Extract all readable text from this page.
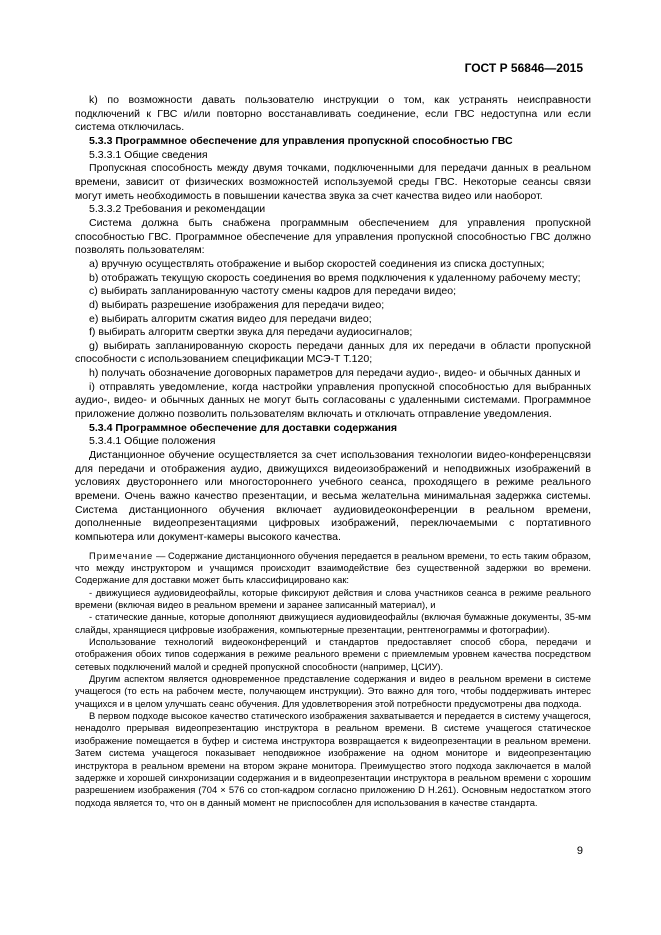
ГОСТ Р 56846—2015

k) по возможности давать пользователю инструкции о том, как устранять неисправности подключений к ГВС и/или повторно восстанавливать соединение, если ГВС недоступна или если система отключилась.

5.3.3 Программное обеспечение для управления пропускной способностью ГВС

5.3.3.1 Общие сведения

Пропускная способность между двумя точками, подключенными для передачи данных в реальном времени, зависит от физических возможностей используемой среды ГВС. Некоторые сеансы связи могут иметь необходимость в повышении качества звука за счет качества видео или наоборот.

5.3.3.2 Требования и рекомендации

Система должна быть снабжена программным обеспечением для управления пропускной способностью ГВС. Программное обеспечение для управления пропускной способностью ГВС должно позволять пользователям:

a) вручную осуществлять отображение и выбор скоростей соединения из списка доступных;

b) отображать текущую скорость соединения во время подключения к удаленному рабочему месту;

c) выбирать запланированную частоту смены кадров для передачи видео;

d) выбирать разрешение изображения для передачи видео;

e) выбирать алгоритм сжатия видео для передачи видео;

f) выбирать алгоритм свертки звука для передачи аудиосигналов;

g) выбирать запланированную скорость передачи данных для их передачи в области пропускной способности с использованием спецификации МСЭ-Т Т.120;

h) получать обозначение договорных параметров для передачи аудио-, видео- и обычных данных и

i) отправлять уведомление, когда настройки управления пропускной способностью для выбранных аудио-, видео- и обычных данных не могут быть согласованы с удаленными системами. Программное приложение должно позволить пользователям включать и отключать отправление уведомления.

5.3.4 Программное обеспечение для доставки содержания

5.3.4.1 Общие положения

Дистанционное обучение осуществляется за счет использования технологии видео-конференцсвязи для передачи и отображения аудио, движущихся видеоизображений и неподвижных изображений в условиях двустороннего или многостороннего учебного сеанса, проходящего в режиме реального времени. Очень важно качество презентации, и весьма желательна минимальная задержка системы. Система дистанционного обучения включает аудиовидеоконференции в реальном времени, дополненные видеопрезентациями цифровых изображений, переключаемыми с портативного компьютера или документ-камеры высокого качества.

Примечание — Содержание дистанционного обучения передается в реальном времени, то есть таким образом, что между инструктором и учащимся происходит взаимодействие без существенной задержки во времени. Содержание для доставки может быть классифицировано как:

- движущиеся аудиовидеофайлы, которые фиксируют действия и слова участников сеанса в режиме реального времени (включая видео в реальном времени и заранее записанный материал), и

- статические данные, которые дополняют движущиеся аудиовидеофайлы (включая бумажные документы, 35-мм слайды, хранящиеся цифровые изображения, компьютерные презентации, рентгенограммы и фотографии).

Использование технологий видеоконференций и стандартов предоставляет способ сбора, передачи и отображения обоих типов содержания в режиме реального времени с приемлемым уровнем качества посредством сетевых подключений малой и средней пропускной способности (например, ЦСИУ).

Другим аспектом является одновременное представление содержания и видео в реальном времени в системе учащегося (то есть на рабочем месте, получающем инструкции). Это важно для того, чтобы поддерживать интерес учащихся и в целом улучшать сеанс обучения. Для удовлетворения этой потребности предусмотрены два подхода.

В первом подходе высокое качество статического изображения захватывается и передается в систему учащегося, ненадолго прерывая видеопрезентацию инструктора в реальном времени. В системе учащегося статическое изображение помещается в буфер и система инструктора возвращается к видеопрезентации в реальном времени. Затем система учащегося показывает неподвижное изображение на одном мониторе и видеопрезентацию инструктора в реальном времени на втором экране монитора. Преимущество этого подхода заключается в малой задержке и хорошей синхронизации содержания и в видеопрезентации инструктора в реальном времени с хорошим разрешением изображения (704 × 576 со стоп-кадром согласно приложению D Н.261). Основным недостатком этого подхода является то, что он в данный момент не приспособлен для использования в качестве стандарта.

9
